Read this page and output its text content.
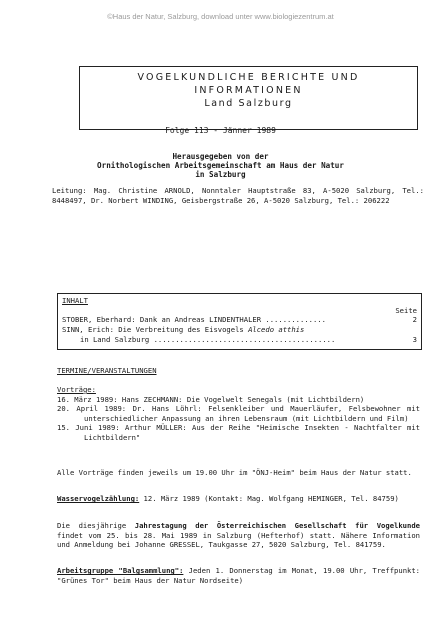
©Haus der Natur, Salzburg, download unter www.biologiezentrum.at
VOGELKUNDLICHE BERICHTE UND
INFORMATIONEN
Land Salzburg
Folge 113 - Jänner 1989
Herausgegeben von der
Ornithologischen Arbeitsgemeinschaft am Haus der Natur
in Salzburg
Leitung: Mag. Christine ARNOLD, Nonntaler Hauptstraße 83, A-5020 Salzburg, Tel.: 8448497, Dr. Norbert WINDING, Geisbergstraße 26, A-5020 Salzburg, Tel.: 206222
INHALT
Seite
STOBER, Eberhard: Dank an Andreas LINDENTHALER ..............	2
SINN, Erich: Die Verbreitung des Eisvogels Alcedo atthis
in Land Salzburg ..........................................	3
TERMINE/VERANSTALTUNGEN
Vorträge:
16. März 1989: Hans ZECHMANN: Die Vogelwelt Senegals (mit Lichtbildern)
20. April 1989: Dr. Hans Löhrl: Felsenkleiber und Mauerläufer, Felsbewohner mit unterschiedlicher Anpassung an ihren Lebensraum (mit Lichtbildern und Film)
15. Juni 1989: Arthur MÜLLER: Aus der Reihe "Heimische Insekten - Nachtfalter mit Lichtbildern"
Alle Vorträge finden jeweils um 19.00 Uhr im "ÖNJ-Heim" beim Haus der Natur statt.
Wasservogelzählung: 12. März 1989 (Kontakt: Mag. Wolfgang HEMINGER, Tel. 84759)
Die diesjährige Jahrestagung der Österreichischen Gesellschaft für Vogelkunde findet vom 25. bis 28. Mai 1989 in Salzburg (Hefterhof) statt. Nähere Information und Anmeldung bei Johanne GRESSEL, Taukgasse 27, 5020 Salzburg, Tel. 841759.
Arbeitsgruppe "Balgsammlung": Jeden 1. Donnerstag im Monat, 19.00 Uhr, Treffpunkt: "Grünes Tor" beim Haus der Natur Nordseite)
